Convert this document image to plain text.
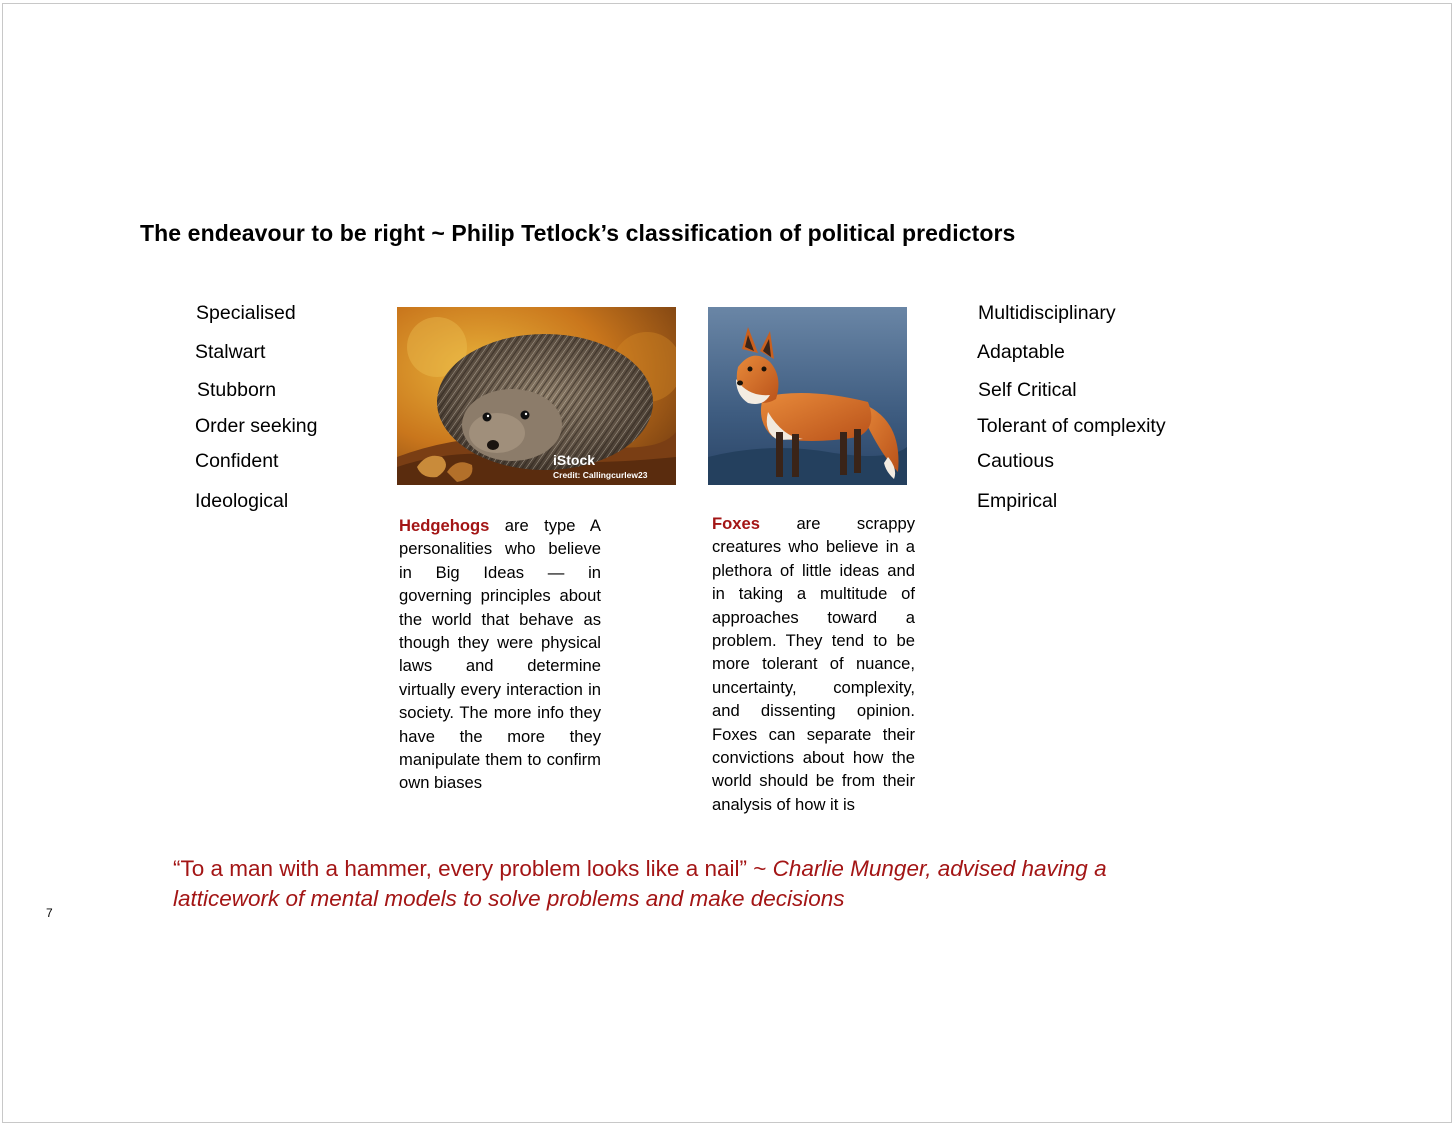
The endeavour to be right ~ Philip Tetlock’s classification of political predictors
Specialised
Stalwart
Stubborn
Order seeking
Confident
Ideological
Multidisciplinary
Adaptable
Self Critical
Tolerant of complexity
Cautious
Empirical
iStock
Credit: Callingcurlew23
Hedgehogs are type A personalities who believe in Big Ideas — in governing principles about the world that behave as though they were physical laws and determine virtually every interaction in society. The more info they have the more they manipulate them to confirm own biases
Foxes are scrappy creatures who believe in a plethora of little ideas and in taking a multitude of approaches toward a problem. They tend to be more tolerant of nuance, uncertainty, complexity, and dissenting opinion. Foxes can separate their convictions about how the world should be from their analysis of how it is
“To a man with a hammer, every problem looks like a nail” ~ Charlie Munger, advised having a latticework of mental models to solve problems and make decisions
7
